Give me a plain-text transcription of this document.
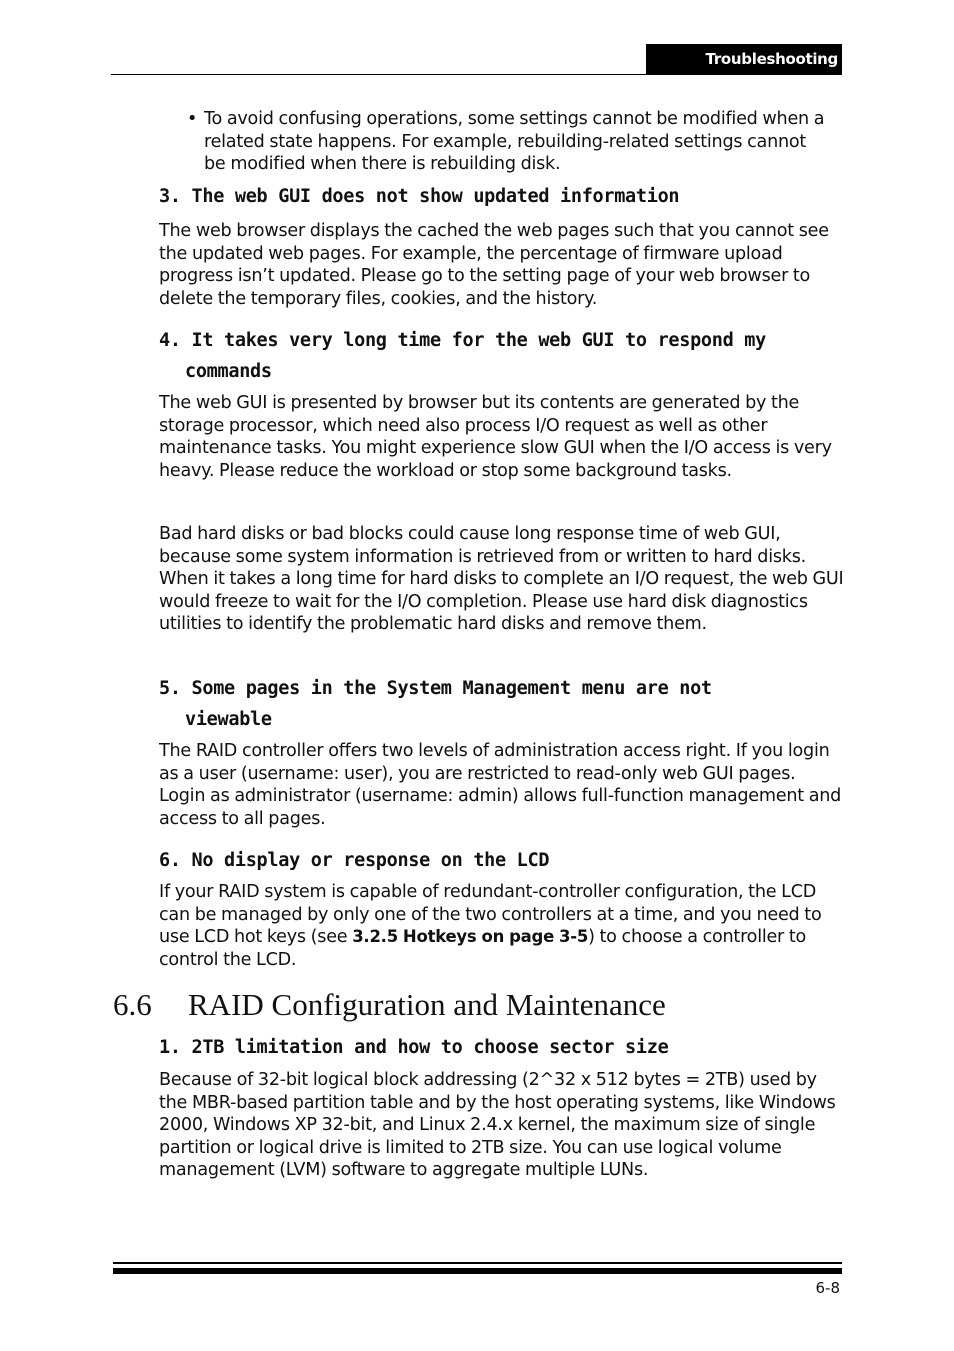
Troubleshooting

• To avoid confusing operations, some settings cannot be modified when a related state happens. For example, rebuilding-related settings cannot be modified when there is rebuilding disk.

3. The web GUI does not show updated information

The web browser displays the cached the web pages such that you cannot see the updated web pages. For example, the percentage of firmware upload progress isn’t updated. Please go to the setting page of your web browser to delete the temporary files, cookies, and the history.

4. It takes very long time for the web GUI to respond my
commands

The web GUI is presented by browser but its contents are generated by the storage processor, which need also process I/O request as well as other maintenance tasks. You might experience slow GUI when the I/O access is very heavy. Please reduce the workload or stop some background tasks.

Bad hard disks or bad blocks could cause long response time of web GUI, because some system information is retrieved from or written to hard disks. When it takes a long time for hard disks to complete an I/O request, the web GUI would freeze to wait for the I/O completion. Please use hard disk diagnostics utilities to identify the problematic hard disks and remove them.

5. Some pages in the System Management menu are not
viewable

The RAID controller offers two levels of administration access right. If you login as a user (username: user), you are restricted to read-only web GUI pages. Login as administrator (username: admin) allows full-function management and access to all pages.

6. No display or response on the LCD

If your RAID system is capable of redundant-controller configuration, the LCD can be managed by only one of the two controllers at a time, and you need to use LCD hot keys (see 3.2.5 Hotkeys on page 3-5) to choose a controller to control the LCD.

6.6 RAID Configuration and Maintenance
1. 2TB limitation and how to choose sector size

Because of 32-bit logical block addressing (2^32 x 512 bytes = 2TB) used by the MBR-based partition table and by the host operating systems, like Windows 2000, Windows XP 32-bit, and Linux 2.4.x kernel, the maximum size of single partition or logical drive is limited to 2TB size. You can use logical volume management (LVM) software to aggregate multiple LUNs.

6-8
